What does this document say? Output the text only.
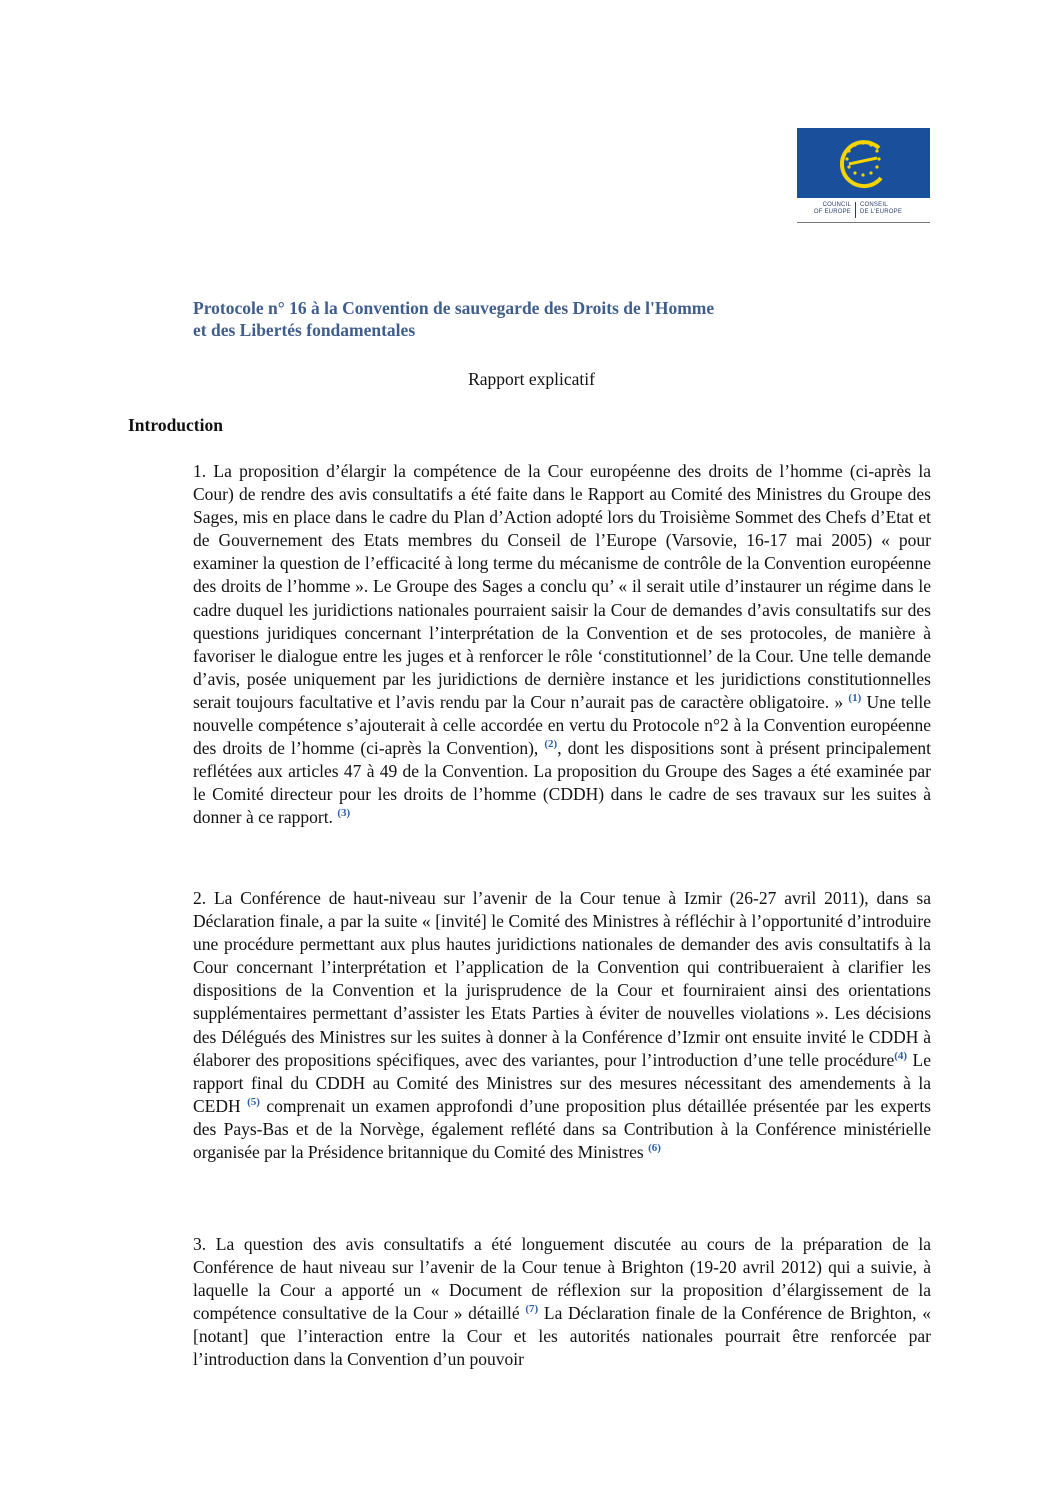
COUNCIL
OF EUROPE
CONSEIL
DE L'EUROPE
Protocole n° 16 à la Convention de sauvegarde des Droits de l'Homme
et des Libertés fondamentales
Rapport explicatif
Introduction

1. La proposition d’élargir la compétence de la Cour européenne des droits de l’homme (ci-après la Cour) de rendre des avis consultatifs a été faite dans le Rapport au Comité des Ministres du Groupe des Sages, mis en place dans le cadre du Plan d’Action adopté lors du Troisième Sommet des Chefs d’Etat et de Gouvernement des Etats membres du Conseil de l’Europe (Varsovie, 16-17 mai 2005) « pour examiner la question de l’efficacité à long terme du mécanisme de contrôle de la Convention européenne des droits de l’homme ». Le Groupe des Sages a conclu qu’ « il serait utile d’instaurer un régime dans le cadre duquel les juridictions nationales pourraient saisir la Cour de demandes d’avis consultatifs sur des questions juridiques concernant l’interprétation de la Convention et de ses protocoles, de manière à favoriser le dialogue entre les juges et à renforcer le rôle ‘constitutionnel’ de la Cour. Une telle demande d’avis, posée uniquement par les juridictions de dernière instance et les juridictions constitutionnelles serait toujours facultative et l’avis rendu par la Cour n’aurait pas de caractère obligatoire. » $^{(1)}$ Une telle nouvelle compétence s’ajouterait à celle accordée en vertu du Protocole n°2 à la Convention européenne des droits de l’homme (ci-après la Convention), $^{(2)}$, dont les dispositions sont à présent principalement reflétées aux articles 47 à 49 de la Convention. La proposition du Groupe des Sages a été examinée par le Comité directeur pour les droits de l’homme (CDDH) dans le cadre de ses travaux sur les suites à donner à ce rapport. $^{(3)}$

2. La Conférence de haut-niveau sur l’avenir de la Cour tenue à Izmir (26-27 avril 2011), dans sa Déclaration finale, a par la suite « [invité] le Comité des Ministres à réfléchir à l’opportunité d’introduire une procédure permettant aux plus hautes juridictions nationales de demander des avis consultatifs à la Cour concernant l’interprétation et l’application de la Convention qui contribueraient à clarifier les dispositions de la Convention et la jurisprudence de la Cour et fourniraient ainsi des orientations supplémentaires permettant d’assister les Etats Parties à éviter de nouvelles violations ». Les décisions des Délégués des Ministres sur les suites à donner à la Conférence d’Izmir ont ensuite invité le CDDH à élaborer des propositions spécifiques, avec des variantes, pour l’introduction d’une telle procédure$^{(4)}$ Le rapport final du CDDH au Comité des Ministres sur des mesures nécessitant des amendements à la CEDH $^{(5)}$ comprenait un examen approfondi d’une proposition plus détaillée présentée par les experts des Pays-Bas et de la Norvège, également reflété dans sa Contribution à la Conférence ministérielle organisée par la Présidence britannique du Comité des Ministres $^{(6)}$

3. La question des avis consultatifs a été longuement discutée au cours de la préparation de la Conférence de haut niveau sur l’avenir de la Cour tenue à Brighton (19-20 avril 2012) qui a suivie, à laquelle la Cour a apporté un « Document de réflexion sur la proposition d’élargissement de la compétence consultative de la Cour » détaillé $^{(7)}$ La Déclaration finale de la Conférence de Brighton, « [notant] que l’interaction entre la Cour et les autorités nationales pourrait être renforcée par l’introduction dans la Convention d’un pouvoir
